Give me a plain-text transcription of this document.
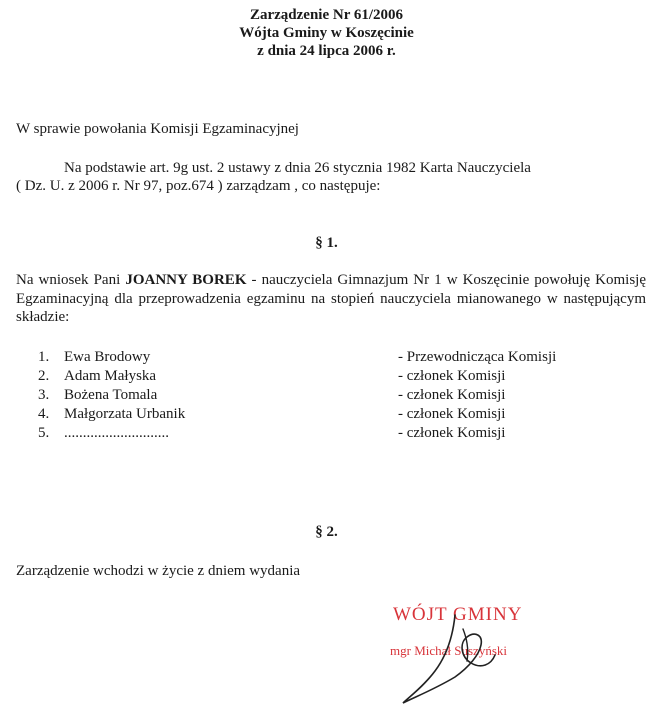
Zarządzenie Nr 61/2006
Wójta Gminy w Koszęcinie
z dnia 24 lipca 2006 r.
W sprawie powołania Komisji Egzaminacyjnej
Na podstawie art. 9g ust. 2 ustawy z dnia 26 stycznia 1982 Karta Nauczyciela
( Dz. U. z 2006 r. Nr 97, poz.674 ) zarządzam , co następuje:
§ 1.
Na wniosek Pani JOANNY BOREK - nauczyciela Gimnazjum Nr 1 w Koszęcinie powołuję Komisję Egzaminacyjną dla przeprowadzenia egzaminu na stopień nauczyciela mianowanego w następującym składzie:
1. Ewa Brodowy	- Przewodnicząca Komisji
2. Adam Małyska	- członek Komisji
3. Bożena Tomala	- członek Komisji
4. Małgorzata Urbanik	- członek Komisji
5. ............................	- członek Komisji
§ 2.
Zarządzenie wchodzi w życie z dniem wydania
WÓJT GMINY
mgr Michał Suszyński
